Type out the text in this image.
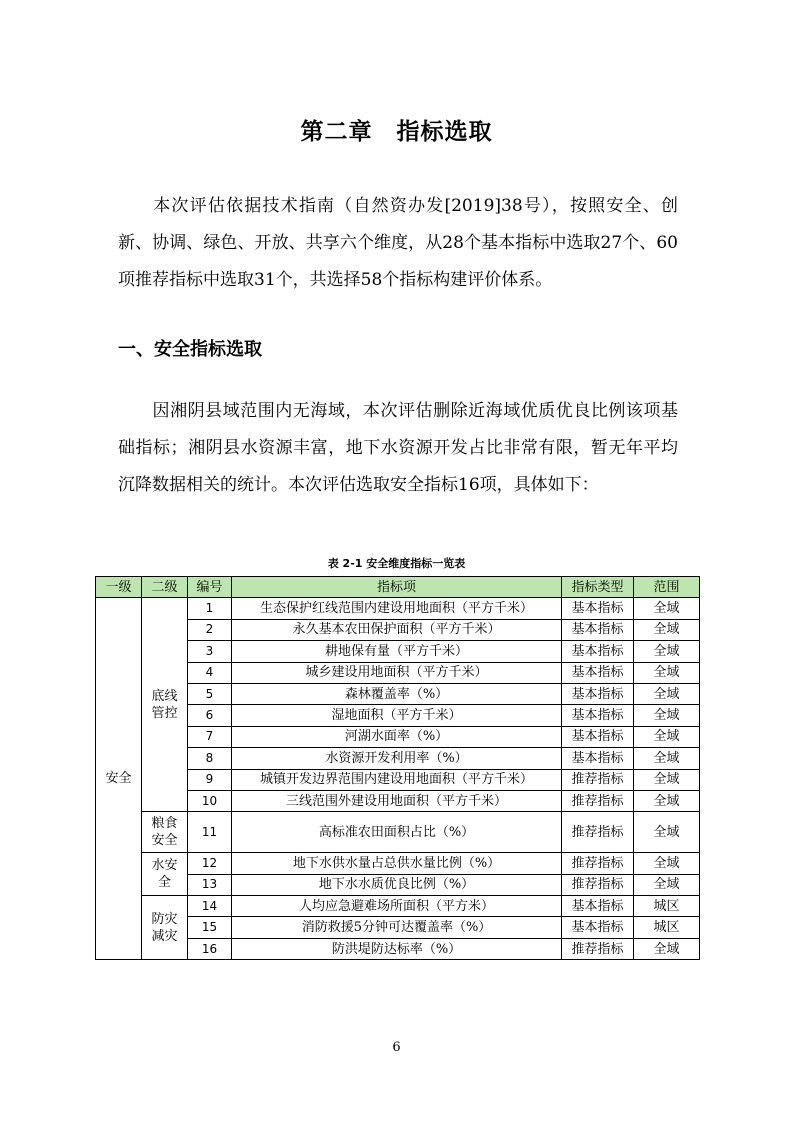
第二章　指标选取

本次评估依据技术指南（自然资办发[2019]38号），按照安全、创新、协调、绿色、开放、共享六个维度，从28个基本指标中选取27个、60项推荐指标中选取31个，共选择58个指标构建评价体系。

一、安全指标选取

因湘阴县域范围内无海域，本次评估删除近海域优质优良比例该项基础指标；湘阴县水资源丰富，地下水资源开发占比非常有限，暂无年平均沉降数据相关的统计。本次评估选取安全指标16项，具体如下：

表 2-1 安全维度指标一览表
一级	二级	编号	指标项	指标类型	范围
安全	底线管控	1	生态保护红线范围内建设用地面积（平方千米）	基本指标	全域
		2	永久基本农田保护面积（平方千米）	基本指标	全域
		3	耕地保有量（平方千米）	基本指标	全域
		4	城乡建设用地面积（平方千米）	基本指标	全域
		5	森林覆盖率（%）	基本指标	全域
		6	湿地面积（平方千米）	基本指标	全域
		7	河湖水面率（%）	基本指标	全域
		8	水资源开发利用率（%）	基本指标	全域
		9	城镇开发边界范围内建设用地面积（平方千米）	推荐指标	全域
		10	三线范围外建设用地面积（平方千米）	推荐指标	全域
	粮食安全	11	高标准农田面积占比（%）	推荐指标	全域
	水安全	12	地下水供水量占总供水量比例（%）	推荐指标	全域
		13	地下水水质优良比例（%）	推荐指标	全域
	防灾减灾	14	人均应急避难场所面积（平方米）	基本指标	城区
		15	消防救援5分钟可达覆盖率（%）	基本指标	城区
		16	防洪堤防达标率（%）	推荐指标	全域
6
